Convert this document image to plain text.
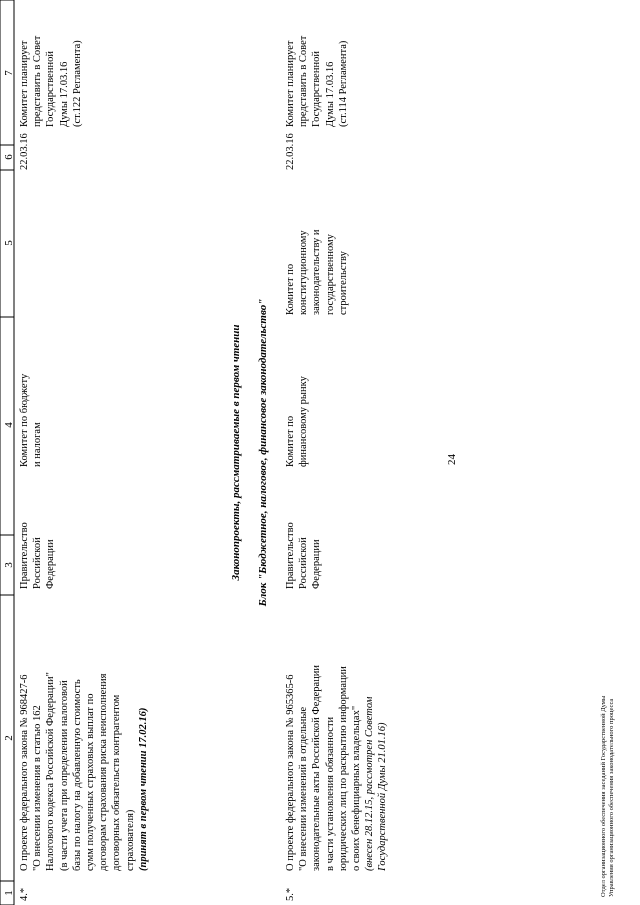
24
1
2
3
4
5
6
7
4.*
О проекте федерального закона № 968427-6 "О внесении изменения в статью 162 Налогового кодекса Российской Федерации" (в части учета при определении налоговой базы по налогу на добавленную стоимость сумм полученных страховых выплат по договорам страхования риска неисполнения договорных обязательств контрагентом страхователя) (принят в первом чтении 17.02.16)
Правительство Российской Федерации
Комитет по бюджету и налогам
22.03.16
Комитет планирует представить в Совет Государственной Думы 17.03.16 (ст.122 Регламента)
Законопроекты, рассматриваемые в первом чтении Блок "Бюджетное, налоговое, финансовое законодательство"
5.*
О проекте федерального закона № 965365-6 "О внесении изменений в отдельные законодательные акты Российской Федерации в части установления обязанности юридических лиц по раскрытию информации о своих бенефициарных владельцах" (внесен 28.12.15, рассмотрен Советом Государственной Думы 21.01.16)
Правительство Российской Федерации
Комитет по финансовому рынку
Комитет по конституционному законодательству и государственному строительству
22.03.16
Комитет планирует представить в Совет Государственной Думы 17.03.16 (ст.114 Регламента)
Отдел организационного обеспечения заседаний Государственной Думы Управления организационного обеспечения законодательного процесса
